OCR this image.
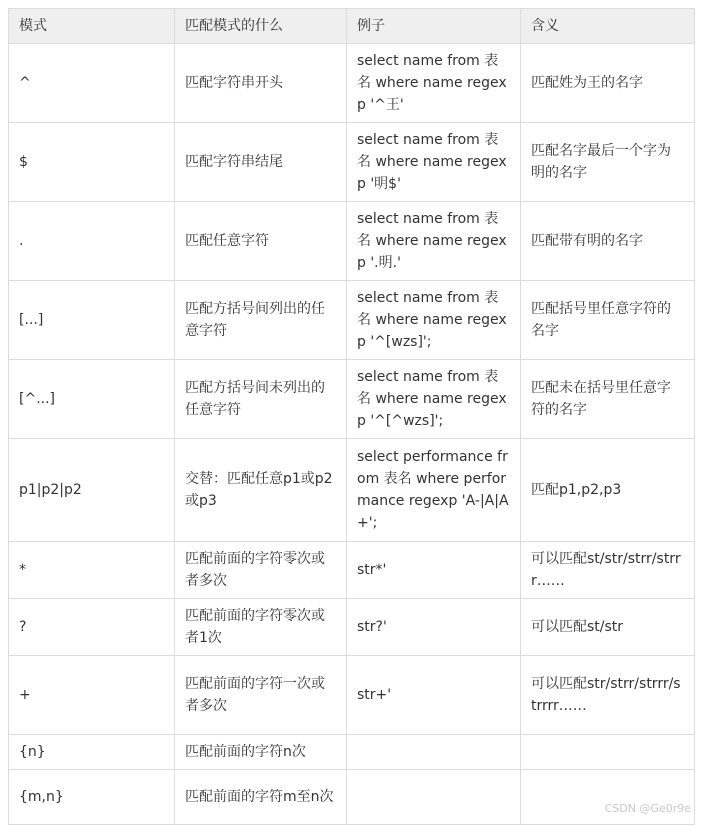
模式	匹配模式的什么	例子	含义
^	匹配字符串开头	select name from 表名 where name regexp '^王'	匹配姓为王的名字
$	匹配字符串结尾	select name from 表名 where name regexp '明$'	匹配名字最后一个字为明的名字
.	匹配任意字符	select name from 表名 where name regexp '.明.'	匹配带有明的名字
[...]	匹配方括号间列出的任意字符	select name from 表名 where name regexp '^[wzs]';	匹配括号里任意字符的名字
[^...]	匹配方括号间未列出的任意字符	select name from 表名 where name regexp '^[^wzs]';	匹配未在括号里任意字符的名字
p1|p2|p2	交替：匹配任意p1或p2或p3	select performance from 表名 where performance regexp 'A-|A|A+';	匹配p1,p2,p3
*	匹配前面的字符零次或者多次	str*'	可以匹配st/str/strr/strrr……
?	匹配前面的字符零次或者1次	str?'	可以匹配st/str
+	匹配前面的字符一次或者多次	str+'	可以匹配str/strr/strrr/strrrr……
{n}	匹配前面的字符n次		
{m,n}	匹配前面的字符m至n次		
CSDN @Ge0r9e
